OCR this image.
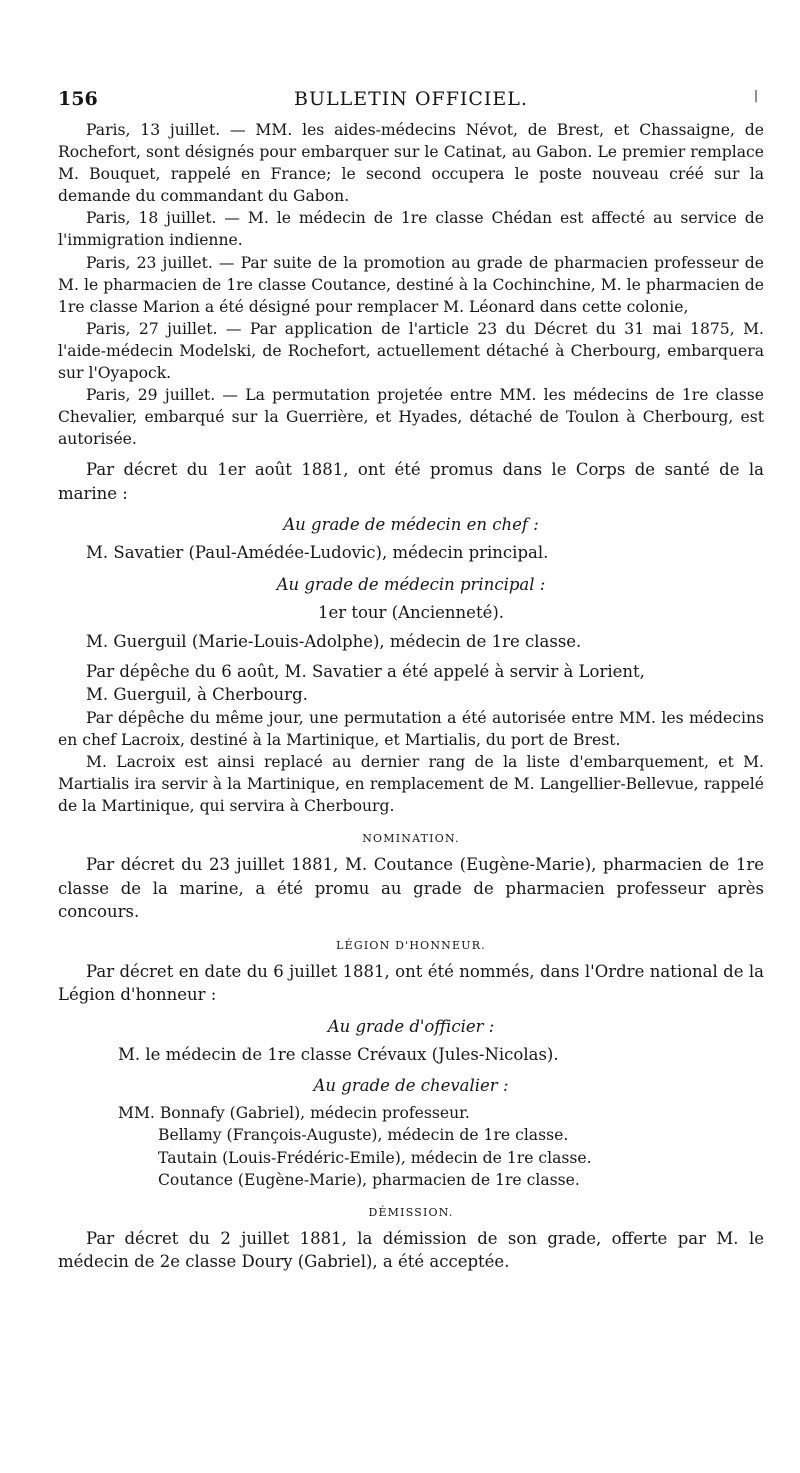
156	BULLETIN OFFICIEL.	|

Paris, 13 juillet. — MM. les aides-médecins Névot, de Brest, et Chassaigne, de Rochefort, sont désignés pour embarquer sur le Catinat, au Gabon. Le premier remplace M. Bouquet, rappelé en France; le second occupera le poste nouveau créé sur la demande du commandant du Gabon.

Paris, 18 juillet. — M. le médecin de 1re classe Chédan est affecté au service de l'immigration indienne.

Paris, 23 juillet. — Par suite de la promotion au grade de pharmacien professeur de M. le pharmacien de 1re classe Coutance, destiné à la Cochinchine, M. le pharmacien de 1re classe Marion a été désigné pour remplacer M. Léonard dans cette colonie,

Paris, 27 juillet. — Par application de l'article 23 du Décret du 31 mai 1875, M. l'aide-médecin Modelski, de Rochefort, actuellement détaché à Cherbourg, embarquera sur l'Oyapock.

Paris, 29 juillet. — La permutation projetée entre MM. les médecins de 1re classe Chevalier, embarqué sur la Guerrière, et Hyades, détaché de Toulon à Cherbourg, est autorisée.

Par décret du 1er août 1881, ont été promus dans le Corps de santé de la marine :

Au grade de médecin en chef :

M. Savatier (Paul-Amédée-Ludovic), médecin principal.

Au grade de médecin principal :
1er tour (Ancienneté).

M. Guerguil (Marie-Louis-Adolphe), médecin de 1re classe.

Par dépêche du 6 août, M. Savatier a été appelé à servir à Lorient,

M. Guerguil, à Cherbourg.

Par dépêche du même jour, une permutation a été autorisée entre MM. les médecins en chef Lacroix, destiné à la Martinique, et Martialis, du port de Brest.

M. Lacroix est ainsi replacé au dernier rang de la liste d'embarquement, et M. Martialis ira servir à la Martinique, en remplacement de M. Langellier-Bellevue, rappelé de la Martinique, qui servira à Cherbourg.

NOMINATION.

Par décret du 23 juillet 1881, M. Coutance (Eugène-Marie), pharmacien de 1re classe de la marine, a été promu au grade de pharmacien professeur après concours.

LÉGION D'HONNEUR.

Par décret en date du 6 juillet 1881, ont été nommés, dans l'Ordre national de la Légion d'honneur :

Au grade d'officier :

M. le médecin de 1re classe Crévaux (Jules-Nicolas).

Au grade de chevalier :

MM. Bonnafy (Gabriel), médecin professeur.

Bellamy (François-Auguste), médecin de 1re classe.

Tautain (Louis-Frédéric-Emile), médecin de 1re classe.

Coutance (Eugène-Marie), pharmacien de 1re classe.

DÉMISSION.

Par décret du 2 juillet 1881, la démission de son grade, offerte par M. le médecin de 2e classe Doury (Gabriel), a été acceptée.
